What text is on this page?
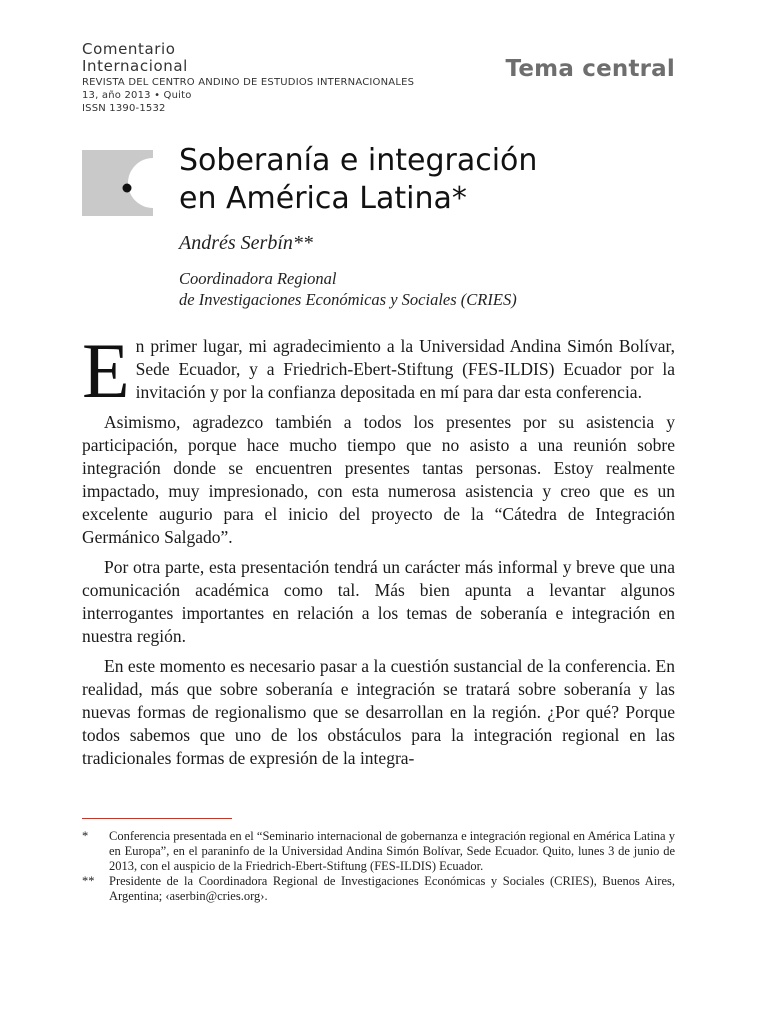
Comentario
Internacional
REVISTA DEL CENTRO ANDINO DE ESTUDIOS INTERNACIONALES
13, año 2013 • Quito
ISSN 1390-1532
Tema central
Soberanía e integración
en América Latina*
Andrés Serbín**
Coordinadora Regional
de Investigaciones Económicas y Sociales (CRIES)

En primer lugar, mi agradecimiento a la Universidad Andina Simón Bolívar, Sede Ecuador, y a Friedrich-Ebert-Stiftung (FES-ILDIS) Ecuador por la invitación y por la confianza depositada en mí para dar esta conferencia.

Asimismo, agradezco también a todos los presentes por su asistencia y participación, porque hace mucho tiempo que no asisto a una reunión sobre integración donde se encuentren presentes tantas personas. Estoy realmente impactado, muy impresionado, con esta numerosa asistencia y creo que es un excelente augurio para el inicio del proyecto de la “Cátedra de Integración Germánico Salgado”.

Por otra parte, esta presentación tendrá un carácter más informal y breve que una comunicación académica como tal. Más bien apunta a levantar algunos interrogantes importantes en relación a los temas de soberanía e integración en nuestra región.

En este momento es necesario pasar a la cuestión sustancial de la conferencia. En realidad, más que sobre soberanía e integración se tratará sobre soberanía y las nuevas formas de regionalismo que se desarrollan en la región. ¿Por qué? Porque todos sabemos que uno de los obstáculos para la integración regional en las tradicionales formas de expresión de la integra-

* Conferencia presentada en el “Seminario internacional de gobernanza e integración regional en América Latina y en Europa”, en el paraninfo de la Universidad Andina Simón Bolívar, Sede Ecuador. Quito, lunes 3 de junio de 2013, con el auspicio de la Friedrich-Ebert-Stiftung (FES-ILDIS) Ecuador.
** Presidente de la Coordinadora Regional de Investigaciones Económicas y Sociales (CRIES), Buenos Aires, Argentina; ‹aserbin@cries.org›.
